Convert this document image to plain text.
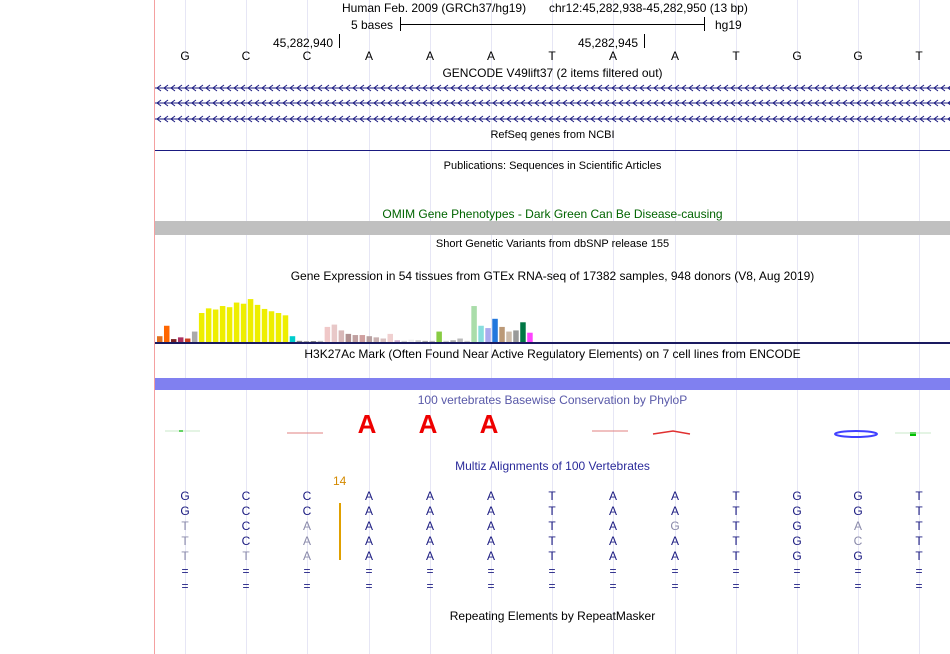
Human Feb. 2009 (GRCh37/hg19) chr12:45,282,938-45,282,950 (13 bp)
5 bases	hg19
45,282,940	45,282,945
G	C	C	A	A	A	T	A	A	T	G	G	T
GENCODE V49lift37 (2 items filtered out)
RefSeq genes from NCBI
Publications: Sequences in Scientific Articles
OMIM Gene Phenotypes - Dark Green Can Be Disease-causing
Short Genetic Variants from dbSNP release 155
Gene Expression in 54 tissues from GTEx RNA-seq of 17382 samples, 948 donors (V8, Aug 2019)
H3K27Ac Mark (Often Found Near Active Regulatory Elements) on 7 cell lines from ENCODE
100 vertebrates Basewise Conservation by PhyloP
A A A
Multiz Alignments of 100 Vertebrates
14
G	C	C	A	A	A	T	A	A	T	G	G	T
G	C	C	A	A	A	T	A	A	T	G	G	T
T	C	A	A	A	A	T	A	G	T	G	A	T
T	C	A	A	A	A	T	A	A	T	G	C	T
T	T	A	A	A	A	T	A	A	T	G	G	T
=	=	=	=	=	=	=	=	=	=	=	=	=
=	=	=	=	=	=	=	=	=	=	=	=	=
Repeating Elements by RepeatMasker
